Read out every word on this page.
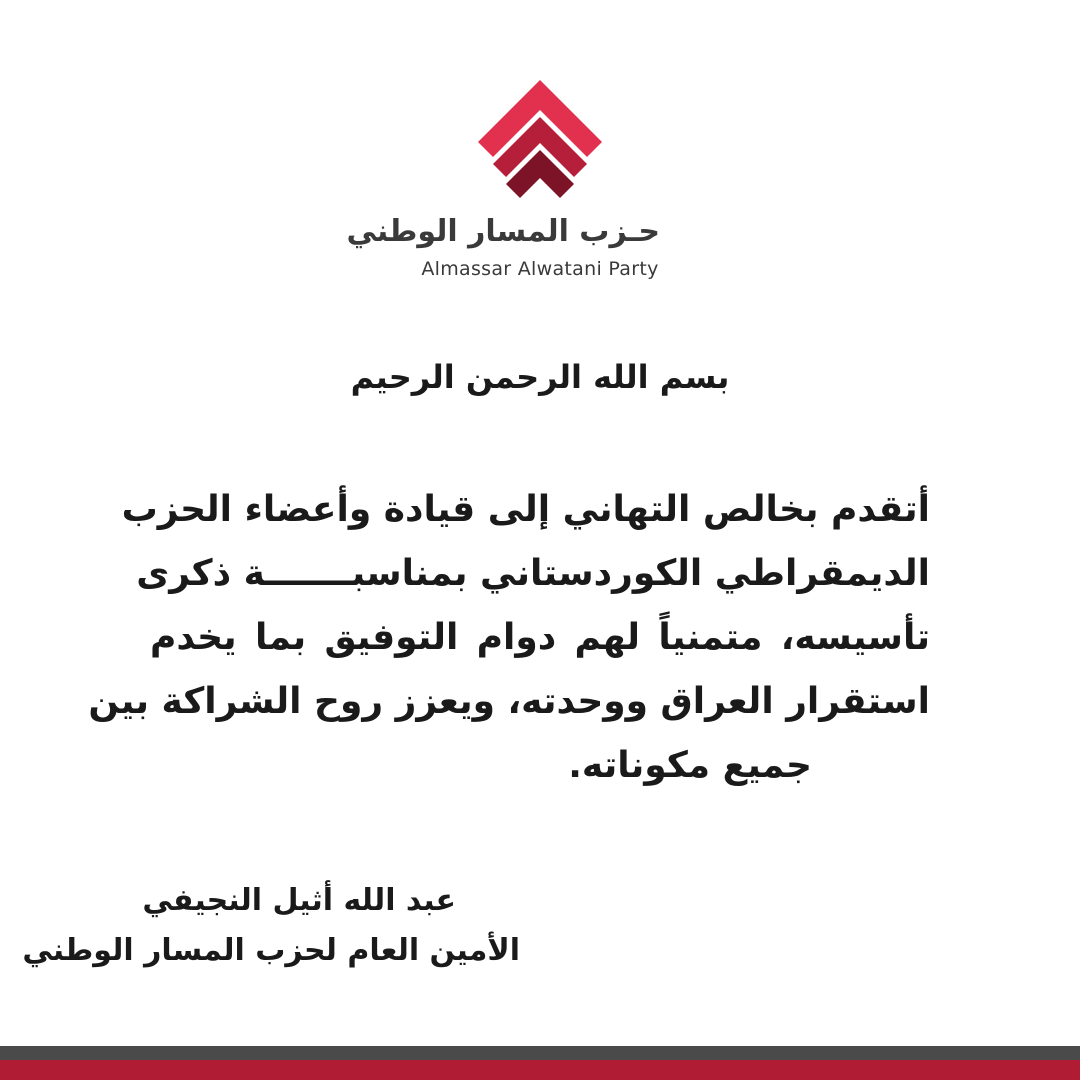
حـزب المسار الوطني
Almassar Alwatani Party
بسم الله الرحمن الرحيم
أتقدم بخالص التهاني إلى قيادة وأعضاء الحزب
الديمقراطي الكوردستاني بمناسبـــــــة ذكرى
تأسيسه، متمنياً لهم دوام التوفيق بما يخدم
استقرار العراق ووحدته، ويعزز روح الشراكة بين
جميع مكوناته.
عبد الله أثيل النجيفي
الأمين العام لحزب المسار الوطني
